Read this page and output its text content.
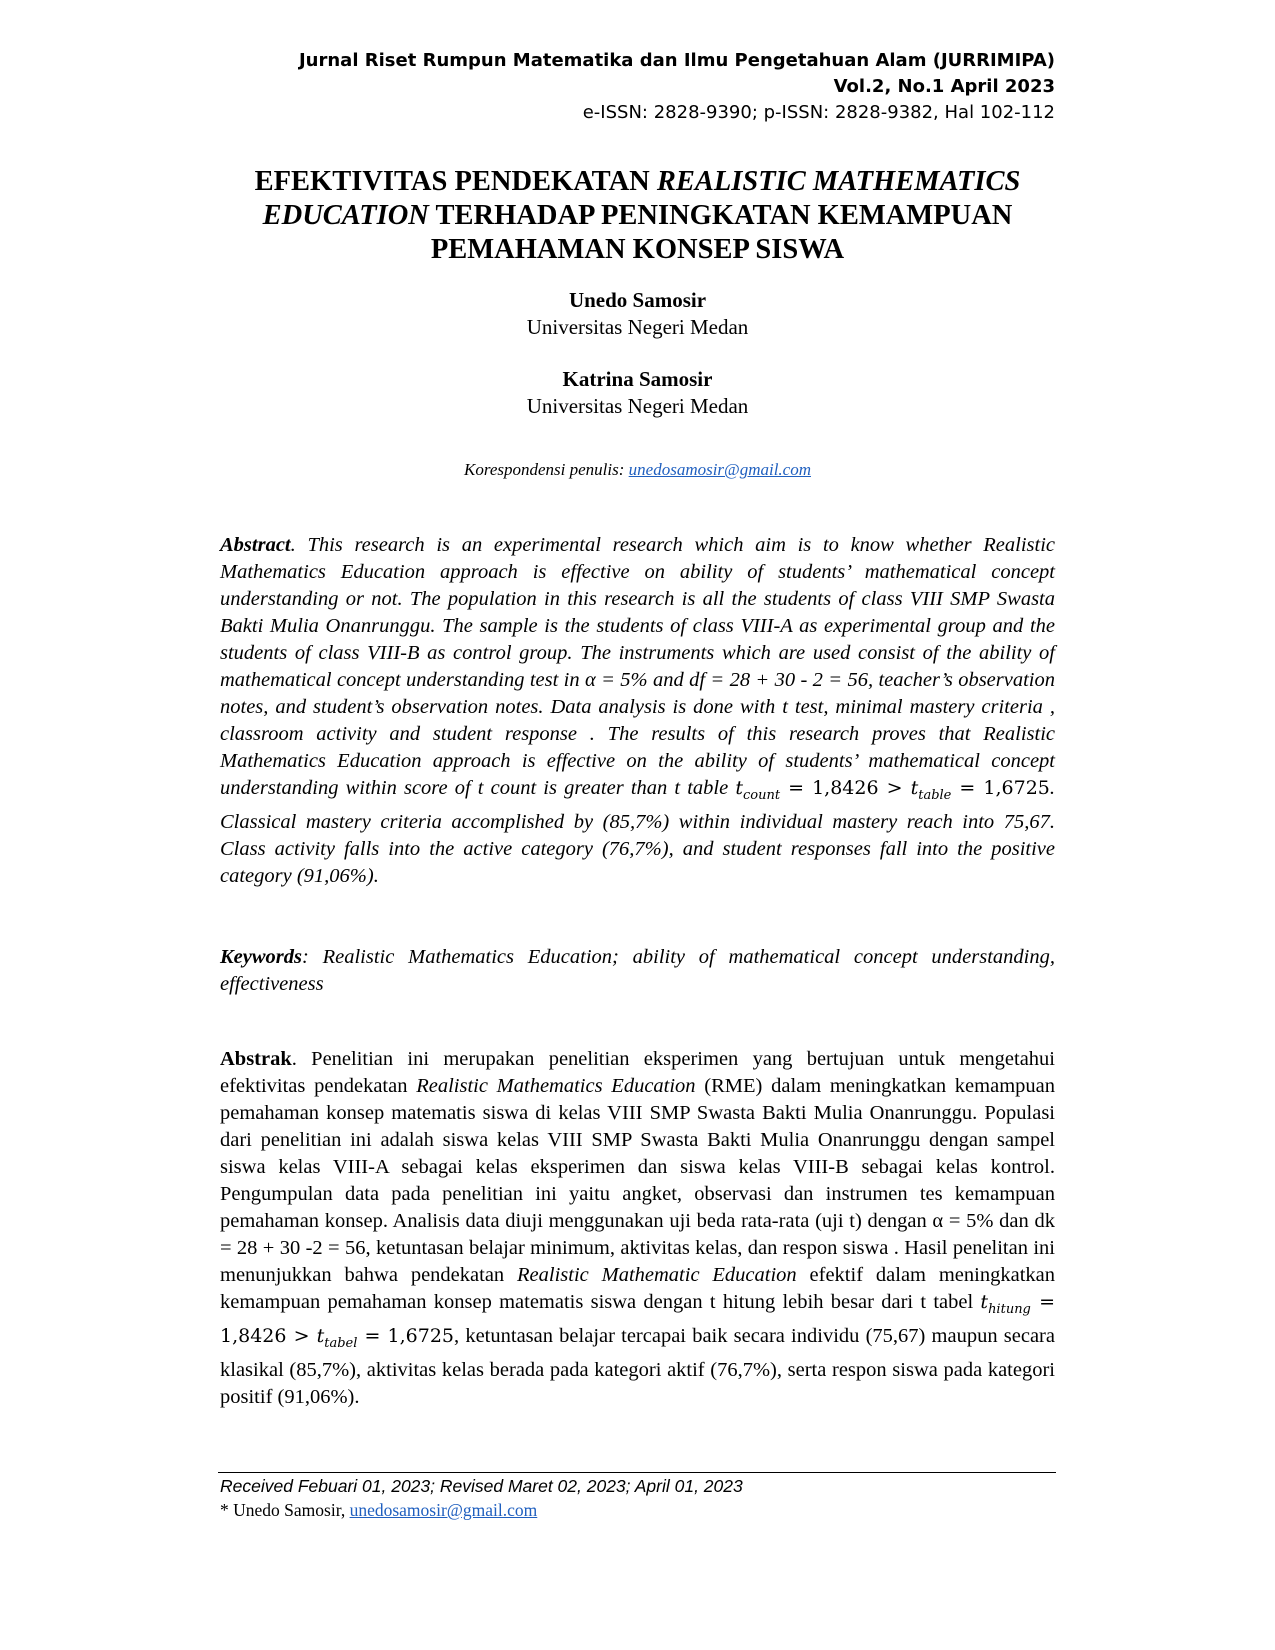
Jurnal Riset Rumpun Matematika dan Ilmu Pengetahuan Alam (JURRIMIPA)
Vol.2, No.1 April 2023
e-ISSN: 2828-9390; p-ISSN: 2828-9382, Hal 102-112
EFEKTIVITAS PENDEKATAN REALISTIC MATHEMATICS EDUCATION TERHADAP PENINGKATAN KEMAMPUAN PEMAHAMAN KONSEP SISWA
Unedo Samosir
Universitas Negeri Medan
Katrina Samosir
Universitas Negeri Medan
Korespondensi penulis: unedosamosir@gmail.com
Abstract. This research is an experimental research which aim is to know whether Realistic Mathematics Education approach is effective on ability of students’ mathematical concept understanding or not. The population in this research is all the students of class VIII SMP Swasta Bakti Mulia Onanrunggu. The sample is the students of class VIII-A as experimental group and the students of class VIII-B as control group. The instruments which are used consist of the ability of mathematical concept understanding test in α = 5% and df = 28 + 30 - 2 = 56, teacher’s observation notes, and student’s observation notes. Data analysis is done with t test, minimal mastery criteria , classroom activity and student response . The results of this research proves that Realistic Mathematics Education approach is effective on the ability of students’ mathematical concept understanding within score of t count is greater than t table $t_{count} = 1,8426 > t_{table} = 1,6725$. Classical mastery criteria accomplished by (85,7%) within individual mastery reach into 75,67. Class activity falls into the active category (76,7%), and student responses fall into the positive category (91,06%).
Keywords: Realistic Mathematics Education; ability of mathematical concept understanding, effectiveness
Abstrak. Penelitian ini merupakan penelitian eksperimen yang bertujuan untuk mengetahui efektivitas pendekatan Realistic Mathematics Education (RME) dalam meningkatkan kemampuan pemahaman konsep matematis siswa di kelas VIII SMP Swasta Bakti Mulia Onanrunggu. Populasi dari penelitian ini adalah siswa kelas VIII SMP Swasta Bakti Mulia Onanrunggu dengan sampel siswa kelas VIII-A sebagai kelas eksperimen dan siswa kelas VIII-B sebagai kelas kontrol. Pengumpulan data pada penelitian ini yaitu angket, observasi dan instrumen tes kemampuan pemahaman konsep. Analisis data diuji menggunakan uji beda rata-rata (uji t) dengan α = 5% dan dk = 28 + 30 -2 = 56, ketuntasan belajar minimum, aktivitas kelas, dan respon siswa . Hasil penelitan ini menunjukkan bahwa pendekatan Realistic Mathematic Education efektif dalam meningkatkan kemampuan pemahaman konsep matematis siswa dengan t hitung lebih besar dari t tabel $t_{hitung} = 1,8426 > t_{tabel} = 1,6725$, ketuntasan belajar tercapai baik secara individu (75,67) maupun secara klasikal (85,7%), aktivitas kelas berada pada kategori aktif (76,7%), serta respon siswa pada kategori positif (91,06%).
Received Febuari 01, 2023; Revised Maret 02, 2023; April 01, 2023
* Unedo Samosir, unedosamosir@gmail.com
